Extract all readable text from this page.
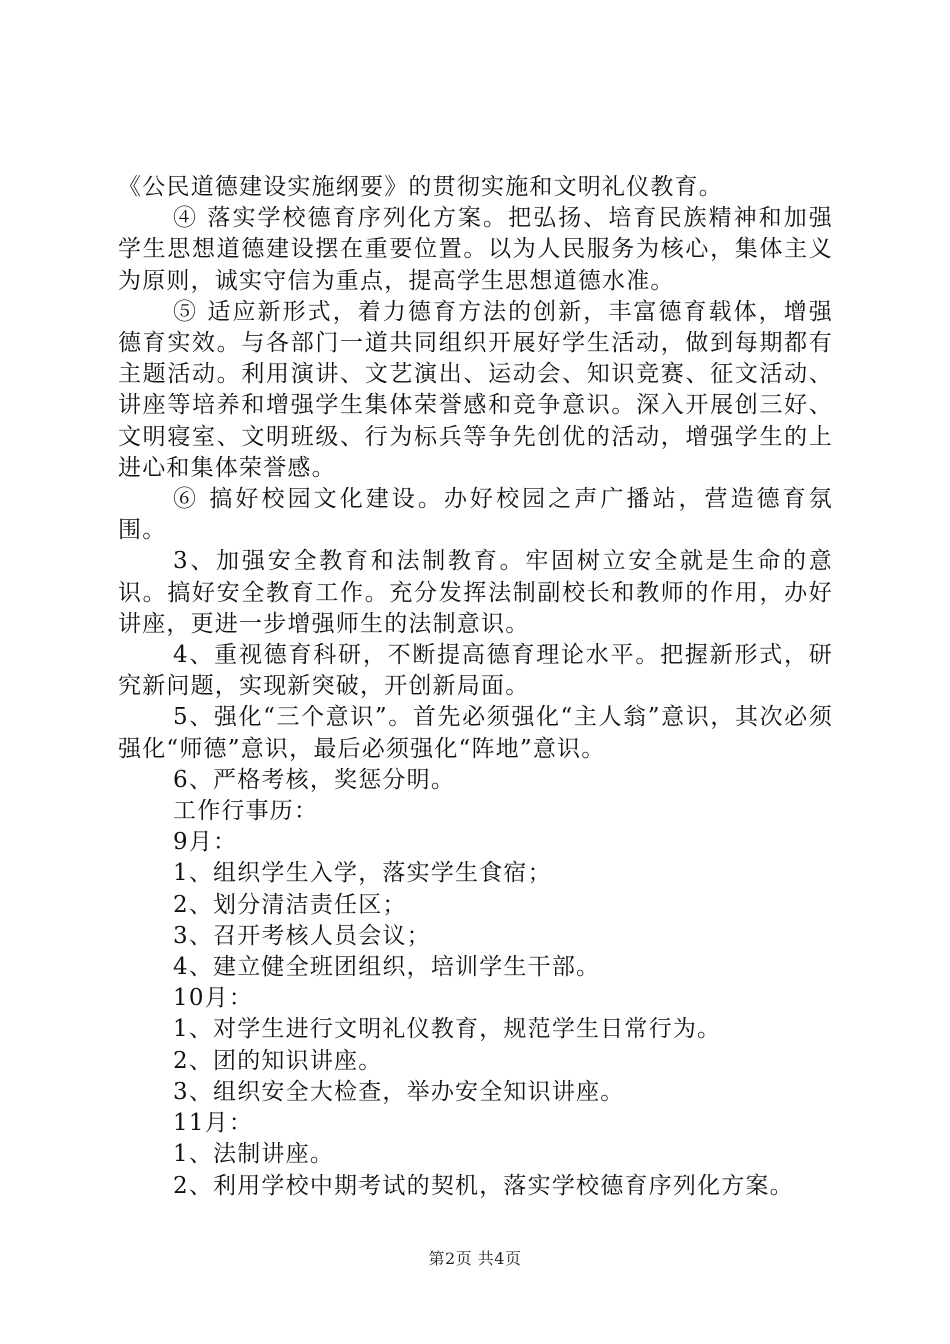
《公民道德建设实施纲要》的贯彻实施和文明礼仪教育。

④ 落实学校德育序列化方案。把弘扬、培育民族精神和加强学生思想道德建设摆在重要位置。以为人民服务为核心，集体主义为原则，诚实守信为重点，提高学生思想道德水准。

⑤ 适应新形式，着力德育方法的创新，丰富德育载体，增强德育实效。与各部门一道共同组织开展好学生活动，做到每期都有主题活动。利用演讲、文艺演出、运动会、知识竞赛、征文活动、讲座等培养和增强学生集体荣誉感和竞争意识。深入开展创三好、文明寝室、文明班级、行为标兵等争先创优的活动，增强学生的上进心和集体荣誉感。

⑥ 搞好校园文化建设。办好校园之声广播站，营造德育氛围。

3、加强安全教育和法制教育。牢固树立安全就是生命的意识。搞好安全教育工作。充分发挥法制副校长和教师的作用，办好讲座，更进一步增强师生的法制意识。

4、重视德育科研，不断提高德育理论水平。把握新形式，研究新问题，实现新突破，开创新局面。

5、强化“三个意识”。首先必须强化“主人翁”意识，其次必须强化“师德”意识，最后必须强化“阵地”意识。

6、严格考核，奖惩分明。

工作行事历：

9月：

1、组织学生入学，落实学生食宿；

2、划分清洁责任区；

3、召开考核人员会议；

4、建立健全班团组织，培训学生干部。

10月：

1、对学生进行文明礼仪教育，规范学生日常行为。

2、团的知识讲座。

3、组织安全大检查，举办安全知识讲座。

11月：

1、法制讲座。

2、利用学校中期考试的契机，落实学校德育序列化方案。

第2页 共4页
